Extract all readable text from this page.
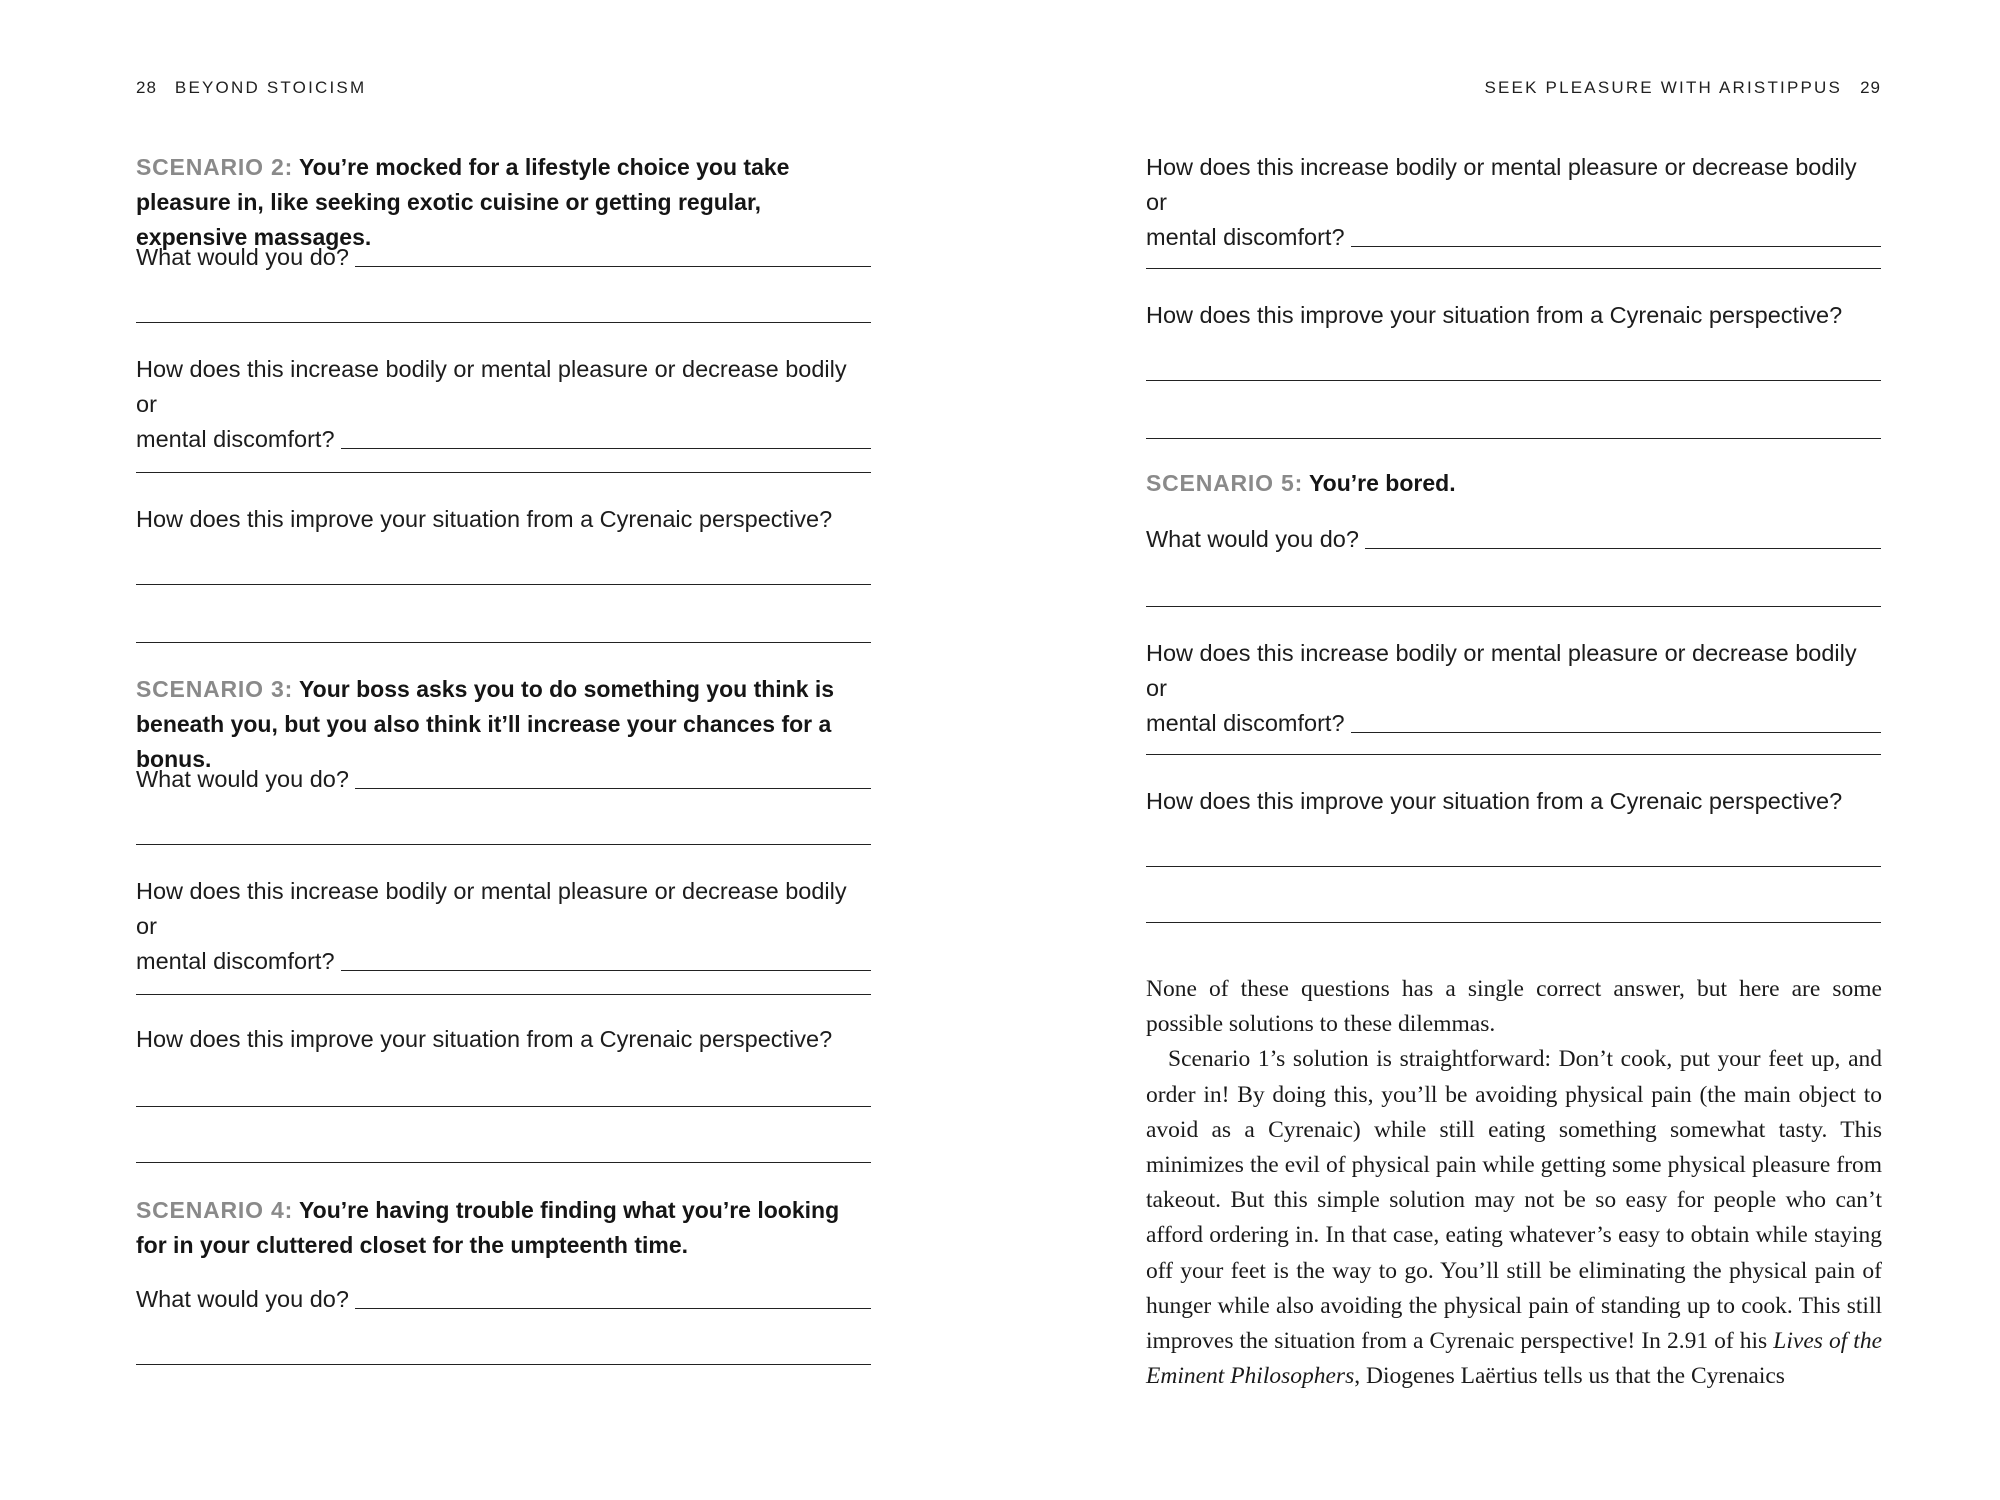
28 BEYOND STOICISM
SCENARIO 2: You’re mocked for a lifestyle choice you take pleasure in, like seeking exotic cuisine or getting regular, expensive massages.
What would you do?
How does this increase bodily or mental pleasure or decrease bodily or
mental discomfort?
How does this improve your situation from a Cyrenaic perspective?
SCENARIO 3: Your boss asks you to do something you think is beneath you, but you also think it’ll increase your chances for a bonus.
What would you do?
How does this increase bodily or mental pleasure or decrease bodily or
mental discomfort?
How does this improve your situation from a Cyrenaic perspective?
SCENARIO 4: You’re having trouble finding what you’re looking for in your cluttered closet for the umpteenth time.
What would you do?
SEEK PLEASURE WITH ARISTIPPUS 29
How does this increase bodily or mental pleasure or decrease bodily or
mental discomfort?
How does this improve your situation from a Cyrenaic perspective?
SCENARIO 5: You’re bored.
What would you do?
How does this increase bodily or mental pleasure or decrease bodily or
mental discomfort?
How does this improve your situation from a Cyrenaic perspective?

None of these questions has a single correct answer, but here are some possible solutions to these dilemmas.

Scenario 1’s solution is straightforward: Don’t cook, put your feet up, and order in! By doing this, you’ll be avoiding physical pain (the main object to avoid as a Cyrenaic) while still eating something somewhat tasty. This minimizes the evil of physical pain while getting some physical pleasure from takeout. But this simple solution may not be so easy for people who can’t afford ordering in. In that case, eating whatever’s easy to obtain while staying off your feet is the way to go. You’ll still be eliminating the physical pain of hunger while also avoiding the physical pain of standing up to cook. This still improves the situation from a Cyrenaic perspective! In 2.91 of his Lives of the Eminent Philosophers, Diogenes Laërtius tells us that the Cyrenaics
